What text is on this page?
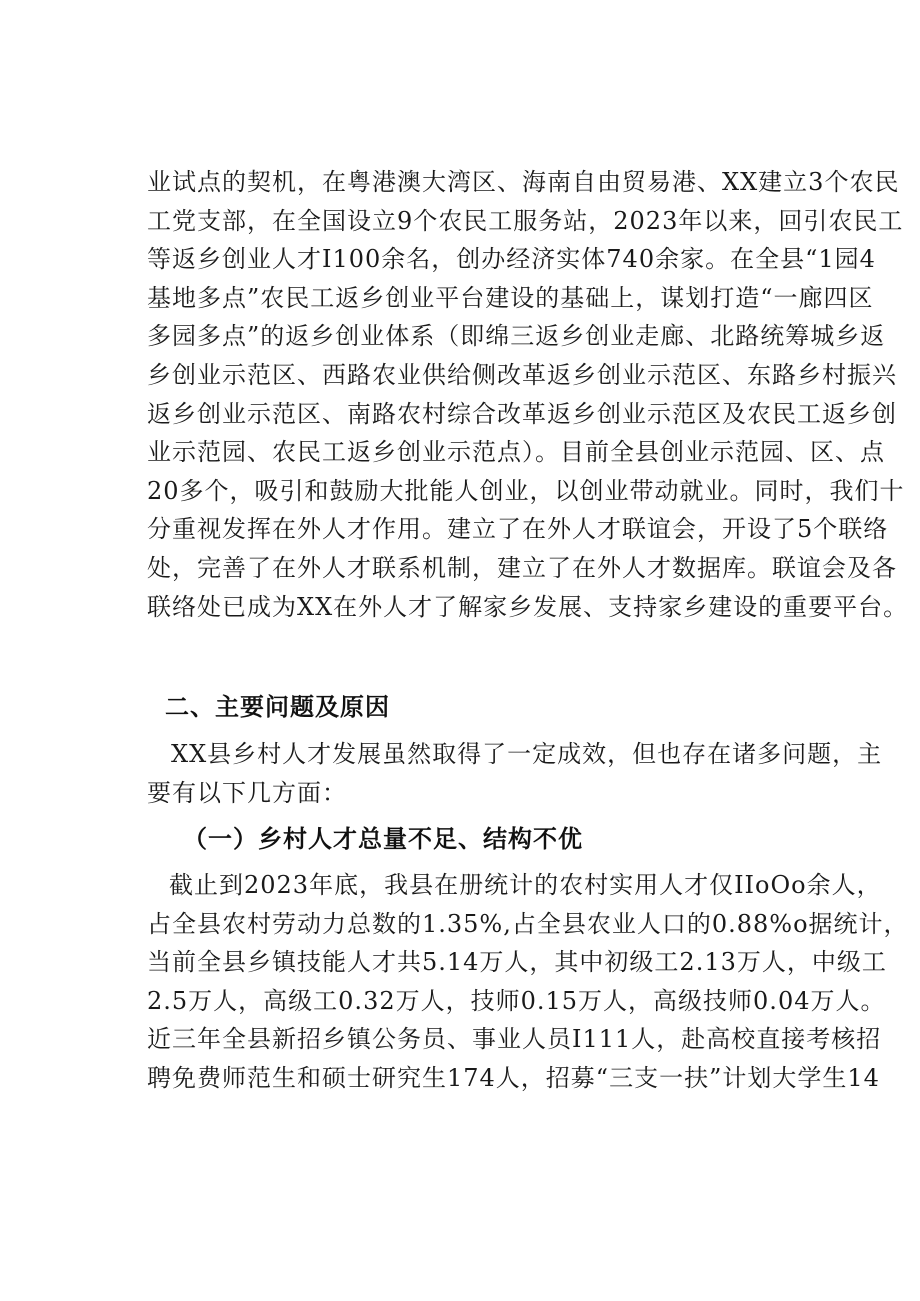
业试点的契机，在粤港澳大湾区、海南自由贸易港、XX建立3个农民
工党支部，在全国设立9个农民工服务站，2023年以来，回引农民工
等返乡创业人才I100余名，创办经济实体740余家。在全县“1园4
基地多点”农民工返乡创业平台建设的基础上，谋划打造“一廊四区
多园多点”的返乡创业体系（即绵三返乡创业走廊、北路统筹城乡返
乡创业示范区、西路农业供给侧改革返乡创业示范区、东路乡村振兴
返乡创业示范区、南路农村综合改革返乡创业示范区及农民工返乡创
业示范园、农民工返乡创业示范点）。目前全县创业示范园、区、点
20多个，吸引和鼓励大批能人创业，以创业带动就业。同时，我们十
分重视发挥在外人才作用。建立了在外人才联谊会，开设了5个联络
处，完善了在外人才联系机制，建立了在外人才数据库。联谊会及各
联络处已成为XX在外人才了解家乡发展、支持家乡建设的重要平台。
二、主要问题及原因
XX县乡村人才发展虽然取得了一定成效，但也存在诸多问题，主
要有以下几方面：
（一）乡村人才总量不足、结构不优
截止到2023年底，我县在册统计的农村实用人才仅IIoOo余人，
占全县农村劳动力总数的1.35%,占全县农业人口的0.88%o据统计，
当前全县乡镇技能人才共5.14万人，其中初级工2.13万人，中级工
2.5万人，高级工0.32万人，技师0.15万人，高级技师0.04万人。
近三年全县新招乡镇公务员、事业人员I111人，赴高校直接考核招
聘免费师范生和硕士研究生174人，招募“三支一扶”计划大学生14
